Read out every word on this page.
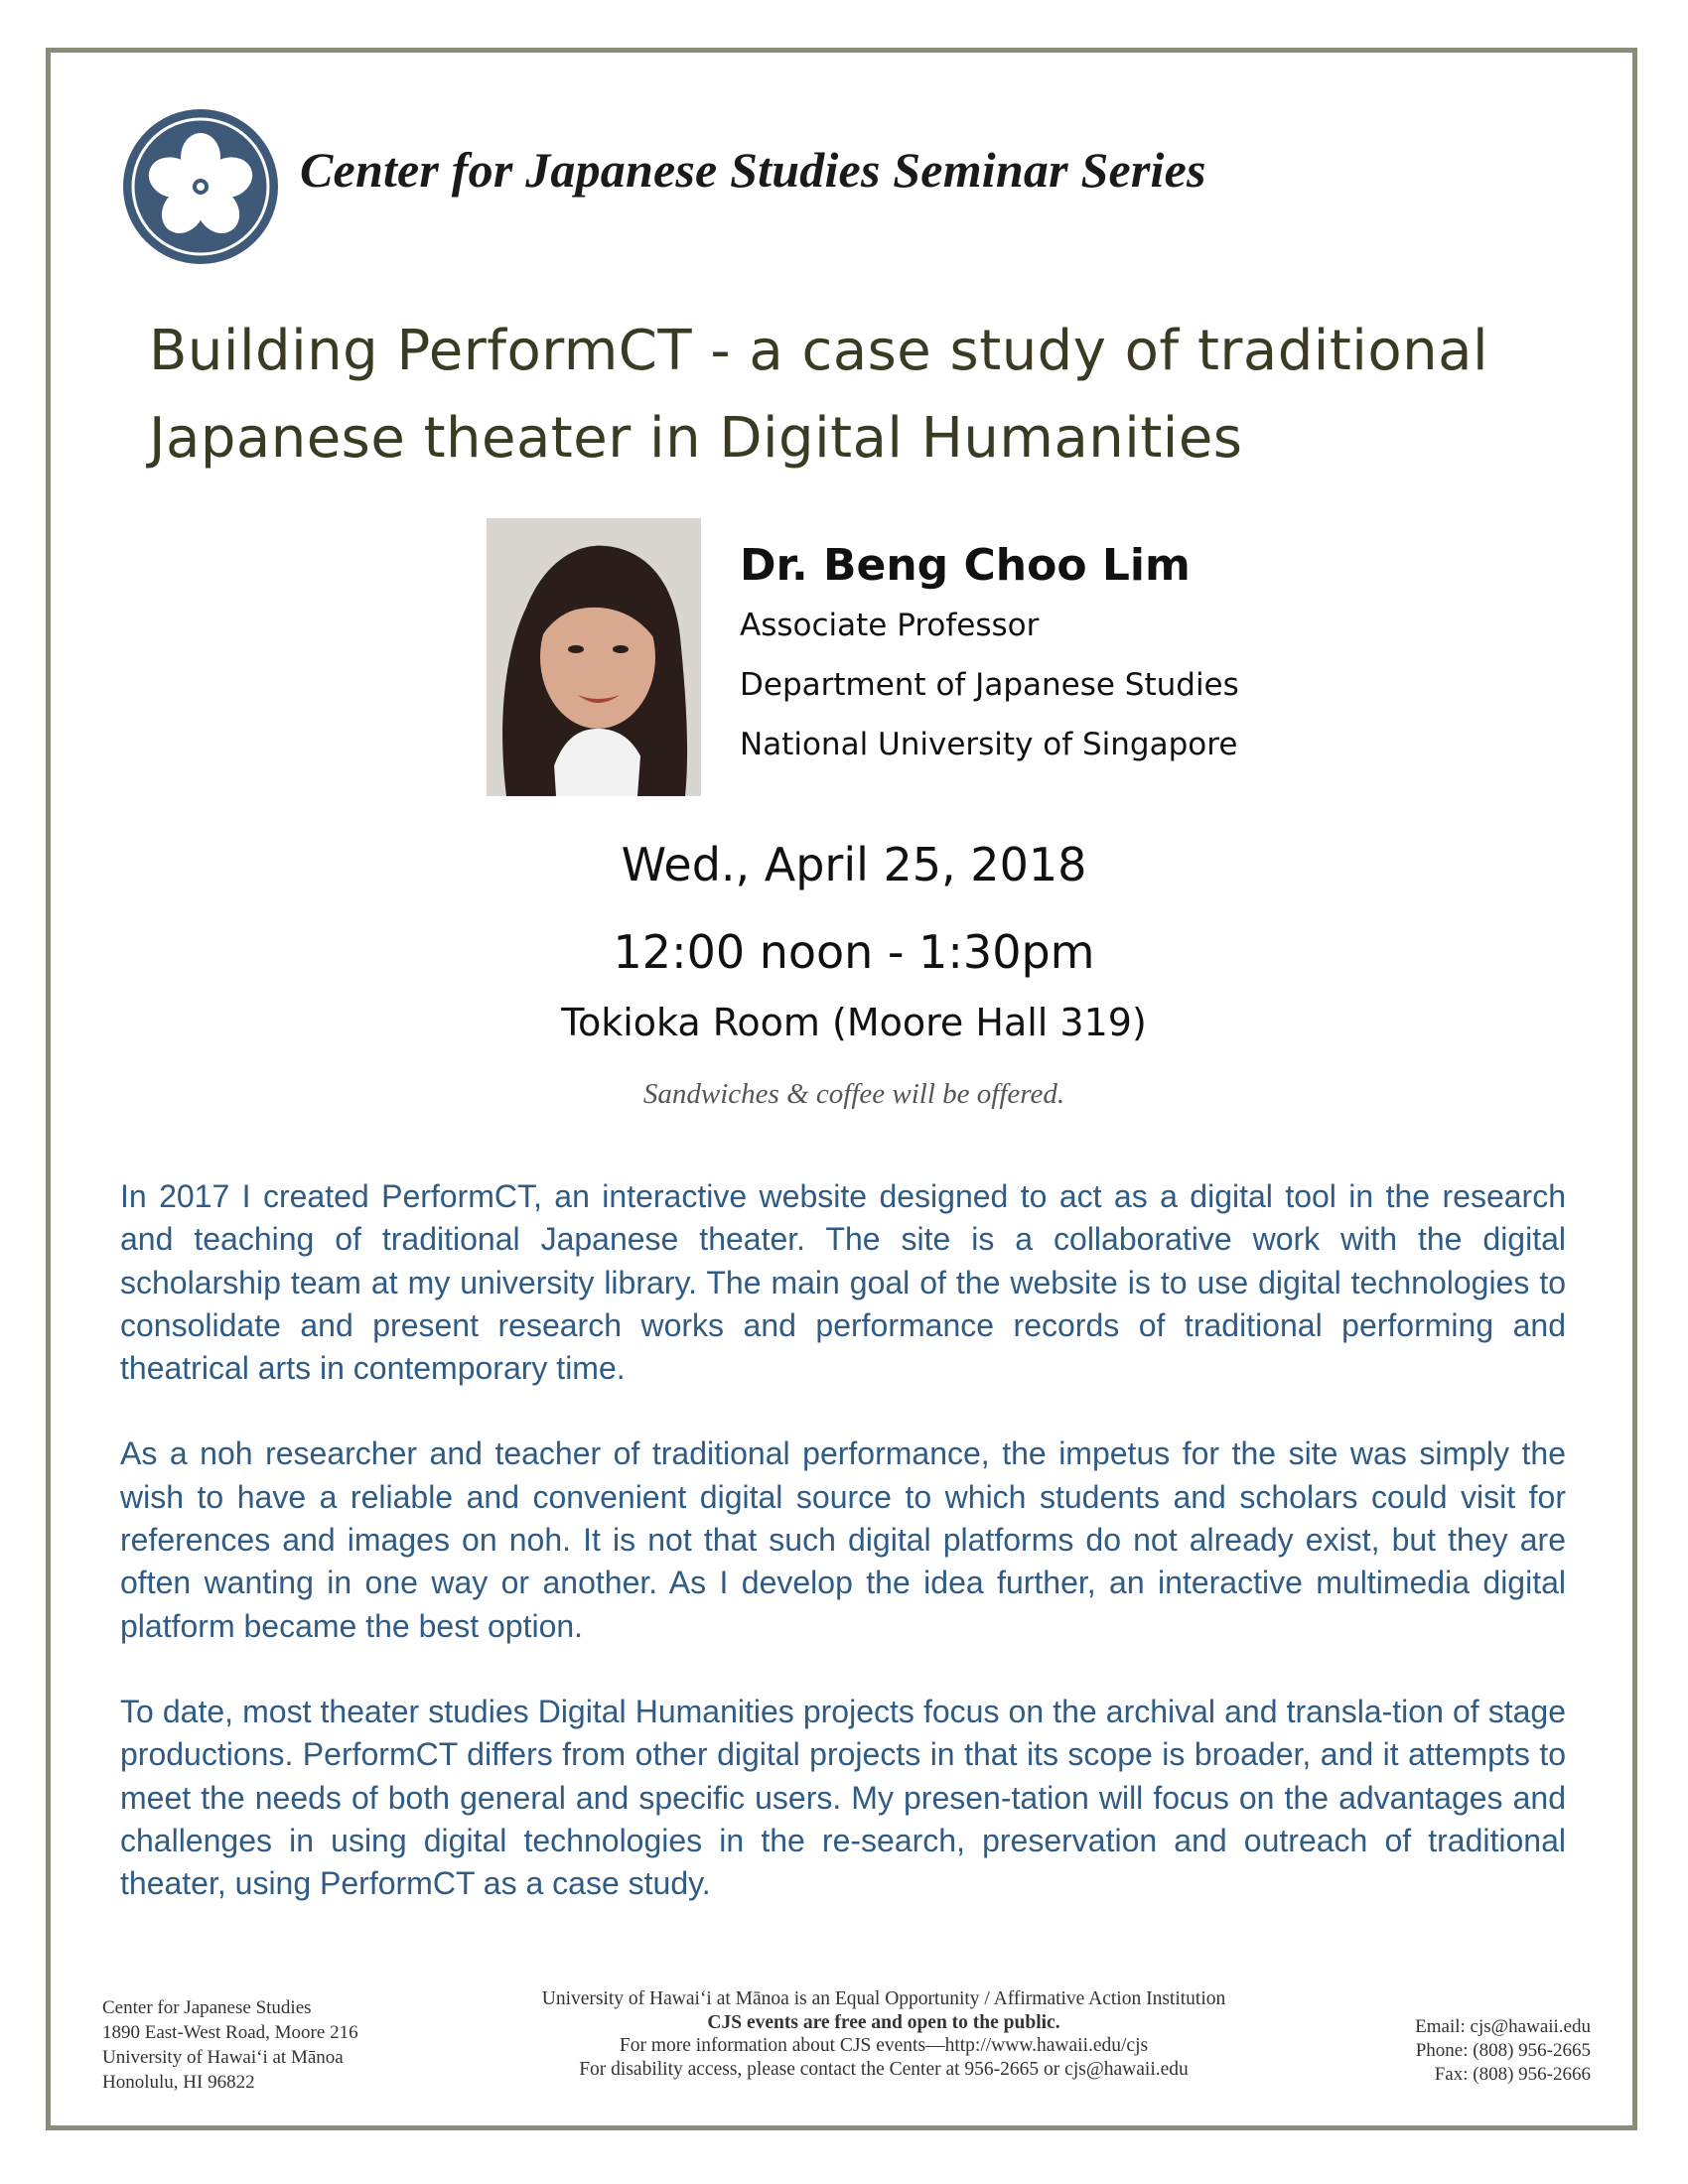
Center for Japanese Studies Seminar Series
Building PerformCT - a case study of traditional
Japanese theater in Digital Humanities
Dr. Beng Choo Lim
Associate Professor
Department of Japanese Studies
National University of Singapore
Wed., April 25, 2018
12:00 noon - 1:30pm
Tokioka Room (Moore Hall 319)
Sandwiches & coffee will be offered.

In 2017 I created PerformCT, an interactive website designed to act as a digital tool in the research and teaching of traditional Japanese theater. The site is a collaborative work with the digital scholarship team at my university library. The main goal of the website is to use digital technologies to consolidate and present research works and performance records of traditional performing and theatrical arts in contemporary time.

As a noh researcher and teacher of traditional performance, the impetus for the site was simply the wish to have a reliable and convenient digital source to which students and scholars could visit for references and images on noh. It is not that such digital platforms do not already exist, but they are often wanting in one way or another. As I develop the idea further, an interactive multimedia digital platform became the best option.

To date, most theater studies Digital Humanities projects focus on the archival and transla-tion of stage productions. PerformCT differs from other digital projects in that its scope is broader, and it attempts to meet the needs of both general and specific users. My presen-tation will focus on the advantages and challenges in using digital technologies in the re-search, preservation and outreach of traditional theater, using PerformCT as a case study.

Center for Japanese Studies
1890 East-West Road, Moore 216
University of Hawaiʻi at Mānoa
Honolulu, HI 96822
University of Hawaiʻi at Mānoa is an Equal Opportunity / Affirmative Action Institution
CJS events are free and open to the public.
For more information about CJS events—http://www.hawaii.edu/cjs
For disability access, please contact the Center at 956-2665 or cjs@hawaii.edu
Email: cjs@hawaii.edu
Phone: (808) 956-2665
Fax: (808) 956-2666
